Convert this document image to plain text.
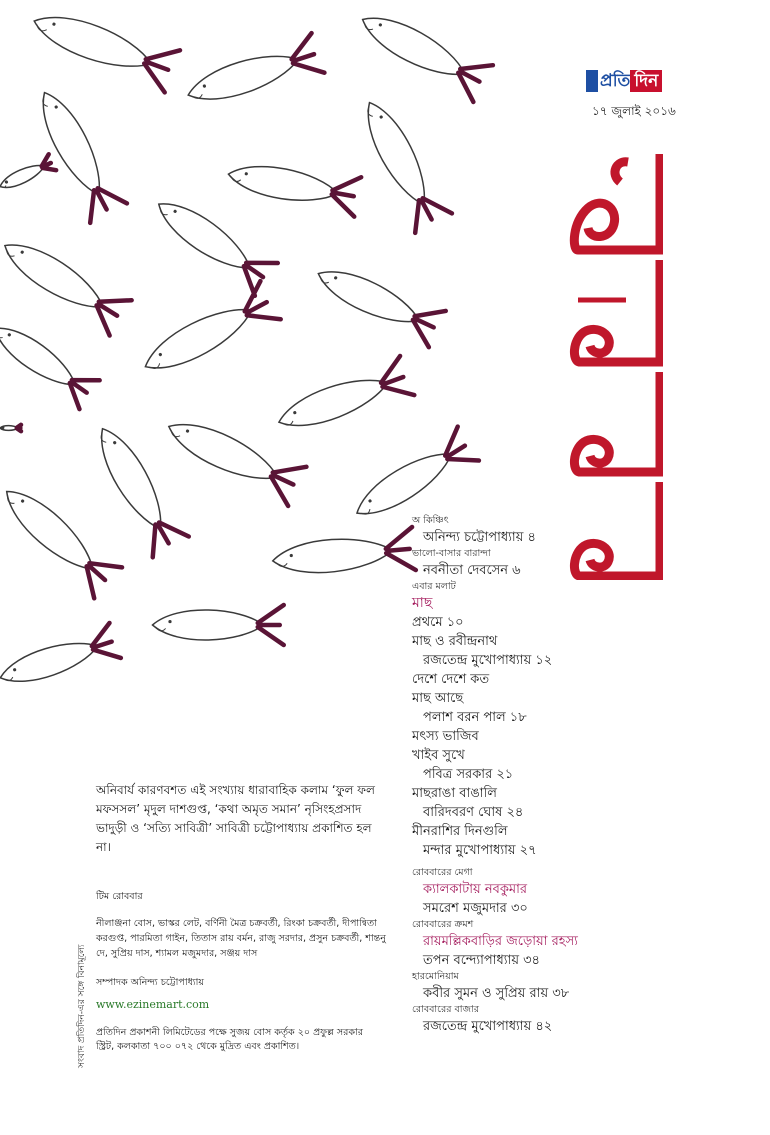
প্রতি দিন
১৭ জুলাই ২০১৬
অ কিঞ্চিৎ
অনিন্দ্য চট্টোপাধ্যায় ৪
ভালো-বাসার বারান্দা
নবনীতা দেবসেন ৬
এবার মলাট
মাছ
প্রথমে ১০
মাছ ও রবীন্দ্রনাথ
রজতেন্দ্র মুখোপাধ্যায় ১২
দেশে দেশে কত
মাছ আছে
পলাশ বরন পাল ১৮
মৎস্য ভাজিব
খাইব সুখে
পবিত্র সরকার ২১
মাছরাঙা বাঙালি
বারিদবরণ ঘোষ ২৪
মীনরাশির দিনগুলি
মন্দার মুখোপাধ্যায় ২৭
রোববারের মেগা
ক্যালকাটায় নবকুমার
সমরেশ মজুমদার ৩০
রোববারের ক্রমশ
রায়মল্লিকবাড়ির জড়োয়া রহস্য
তপন বন্দ্যোপাধ্যায় ৩৪
হারমোনিয়াম
কবীর সুমন ও সুপ্রিয় রায় ৩৮
রোববারের বাজার
রজতেন্দ্র মুখোপাধ্যায় ৪২
অনিবার্য কারণবশত এই সংখ্যায় ধারাবাহিক কলাম ‘ফুল ফল মফসসল’ মৃদুল দাশগুপ্ত, ‘কথা অমৃত সমান’ নৃসিংহপ্রসাদ ভাদুড়ী ও ‘সত্যি সাবিত্রী’ সাবিত্রী চট্টোপাধ্যায় প্রকাশিত হল না।

টিম রোববার

নীলাঞ্জনা বোস, ভাস্কর লেট, বর্ণিনী মৈত্র চক্রবর্তী, রিংকা চক্রবর্তী, দীপান্বিতা করগুপ্ত, পারমিতা গাইন, তিতাস রায় বর্মন, রাজু সরদার, প্রসুন চক্রবর্তী, শান্তনু দে, সুপ্রিয় দাস, শ্যামল মজুমদার, সঞ্জয় দাস

সম্পাদক অনিন্দ্য চট্টোপাধ্যায়

www.ezinemart.com
প্রতিদিন প্রকাশনী লিমিটেডের পক্ষে সুজয় বোস কর্তৃক ২০ প্রফুল্ল সরকার স্ট্রিট, কলকাতা ৭০০ ০৭২ থেকে মুদ্রিত এবং প্রকাশিত।
সংবাদ প্রতিদিন-এর সঙ্গে বিনামূল্যে
